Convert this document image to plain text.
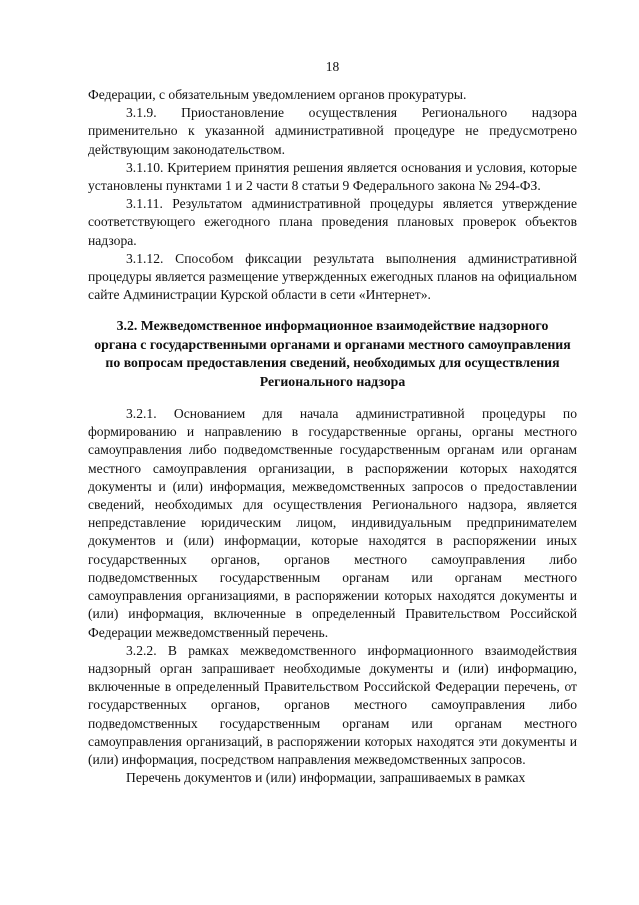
18

Федерации, с обязательным уведомлением органов прокуратуры.

3.1.9. Приостановление осуществления Регионального надзора применительно к указанной административной процедуре не предусмотрено действующим законодательством.

3.1.10. Критерием принятия решения является основания и условия, которые установлены пунктами 1 и 2 части 8 статьи 9 Федерального закона № 294-ФЗ.

3.1.11. Результатом административной процедуры является утверждение соответствующего ежегодного плана проведения плановых проверок объектов надзора.

3.1.12. Способом фиксации результата выполнения административной процедуры является размещение утвержденных ежегодных планов на официальном сайте Администрации Курской области в сети «Интернет».

3.2. Межведомственное информационное взаимодействие надзорного органа с государственными органами и органами местного самоуправления по вопросам предоставления сведений, необходимых для осуществления Регионального надзора

3.2.1. Основанием для начала административной процедуры по формированию и направлению в государственные органы, органы местного самоуправления либо подведомственные государственным органам или органам местного самоуправления организации, в распоряжении которых находятся документы и (или) информация, межведомственных запросов о предоставлении сведений, необходимых для осуществления Регионального надзора, является непредставление юридическим лицом, индивидуальным предпринимателем документов и (или) информации, которые находятся в распоряжении иных государственных органов, органов местного самоуправления либо подведомственных государственным органам или органам местного самоуправления организациями, в распоряжении которых находятся документы и (или) информация, включенные в определенный Правительством Российской Федерации межведомственный перечень.

3.2.2. В рамках межведомственного информационного взаимодействия надзорный орган запрашивает необходимые документы и (или) информацию, включенные в определенный Правительством Российской Федерации перечень, от государственных органов, органов местного самоуправления либо подведомственных государственным органам или органам местного самоуправления организаций, в распоряжении которых находятся эти документы и (или) информация, посредством направления межведомственных запросов.

Перечень документов и (или) информации, запрашиваемых в рамках
